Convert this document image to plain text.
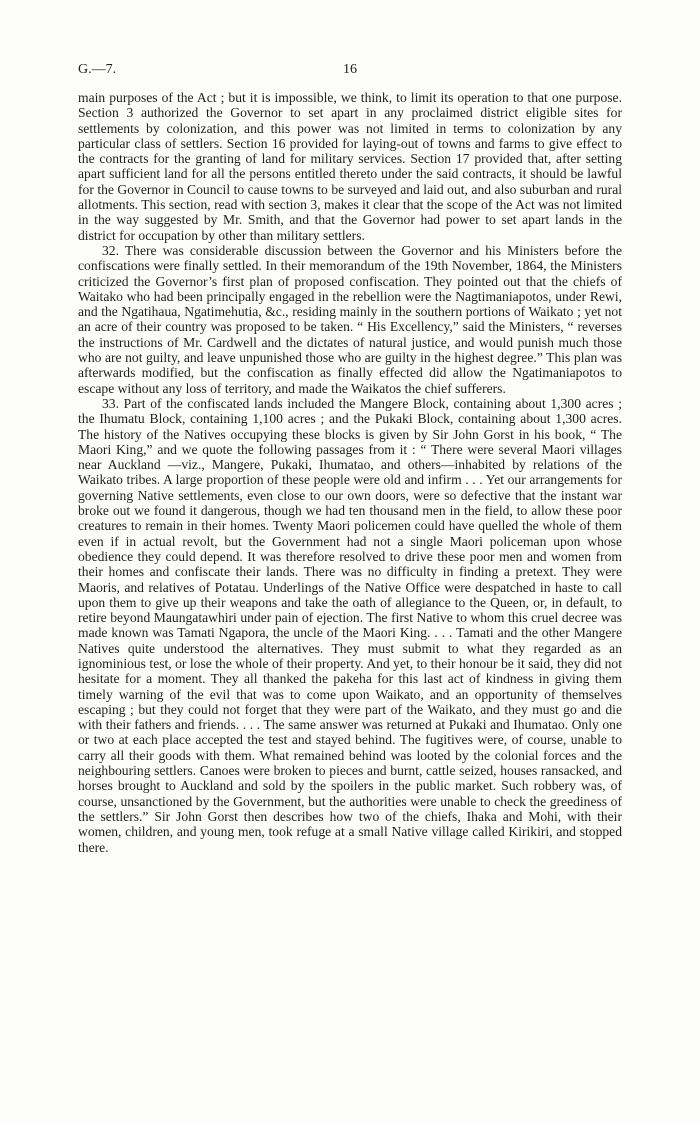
G.—7.	16

main purposes of the Act ; but it is impossible, we think, to limit its operation to that one purpose. Section 3 authorized the Governor to set apart in any proclaimed district eligible sites for settlements by colonization, and this power was not limited in terms to colonization by any particular class of settlers. Section 16 provided for laying-out of towns and farms to give effect to the contracts for the granting of land for military services. Section 17 provided that, after setting apart sufficient land for all the persons entitled thereto under the said contracts, it should be lawful for the Governor in Council to cause towns to be surveyed and laid out, and also suburban and rural allotments. This section, read with section 3, makes it clear that the scope of the Act was not limited in the way suggested by Mr. Smith, and that the Governor had power to set apart lands in the district for occupation by other than military settlers.

32. There was considerable discussion between the Governor and his Ministers before the confiscations were finally settled. In their memorandum of the 19th November, 1864, the Ministers criticized the Governor’s first plan of proposed confiscation. They pointed out that the chiefs of Waitako who had been principally engaged in the rebellion were the Nagtimaniapotos, under Rewi, and the Ngatihaua, Ngatimehutia, &c., residing mainly in the southern portions of Waikato ; yet not an acre of their country was proposed to be taken. “ His Excellency,” said the Ministers, “ reverses the instructions of Mr. Cardwell and the dictates of natural justice, and would punish much those who are not guilty, and leave unpunished those who are guilty in the highest degree.” This plan was afterwards modified, but the confiscation as finally effected did allow the Ngatimaniapotos to escape without any loss of territory, and made the Waikatos the chief sufferers.

33. Part of the confiscated lands included the Mangere Block, containing about 1,300 acres ; the Ihumatu Block, containing 1,100 acres ; and the Pukaki Block, containing about 1,300 acres. The history of the Natives occupying these blocks is given by Sir John Gorst in his book, “ The Maori King,” and we quote the following passages from it : “ There were several Maori villages near Auckland —viz., Mangere, Pukaki, Ihumatao, and others—inhabited by relations of the Waikato tribes. A large proportion of these people were old and infirm . . . Yet our arrangements for governing Native settlements, even close to our own doors, were so defective that the instant war broke out we found it dangerous, though we had ten thousand men in the field, to allow these poor creatures to remain in their homes. Twenty Maori policemen could have quelled the whole of them even if in actual revolt, but the Government had not a single Maori policeman upon whose obedience they could depend. It was therefore resolved to drive these poor men and women from their homes and confiscate their lands. There was no difficulty in finding a pretext. They were Maoris, and relatives of Potatau. Underlings of the Native Office were despatched in haste to call upon them to give up their weapons and take the oath of allegiance to the Queen, or, in default, to retire beyond Maungatawhiri under pain of ejection. The first Native to whom this cruel decree was made known was Tamati Ngapora, the uncle of the Maori King. . . . Tamati and the other Mangere Natives quite understood the alternatives. They must submit to what they regarded as an ignominious test, or lose the whole of their property. And yet, to their honour be it said, they did not hesitate for a moment. They all thanked the pakeha for this last act of kindness in giving them timely warning of the evil that was to come upon Waikato, and an opportunity of themselves escaping ; but they could not forget that they were part of the Waikato, and they must go and die with their fathers and friends. . . . The same answer was returned at Pukaki and Ihumatao. Only one or two at each place accepted the test and stayed behind. The fugitives were, of course, unable to carry all their goods with them. What remained behind was looted by the colonial forces and the neighbouring settlers. Canoes were broken to pieces and burnt, cattle seized, houses ransacked, and horses brought to Auckland and sold by the spoilers in the public market. Such robbery was, of course, unsanctioned by the Government, but the authorities were unable to check the greediness of the settlers.” Sir John Gorst then describes how two of the chiefs, Ihaka and Mohi, with their women, children, and young men, took refuge at a small Native village called Kirikiri, and stopped there.
